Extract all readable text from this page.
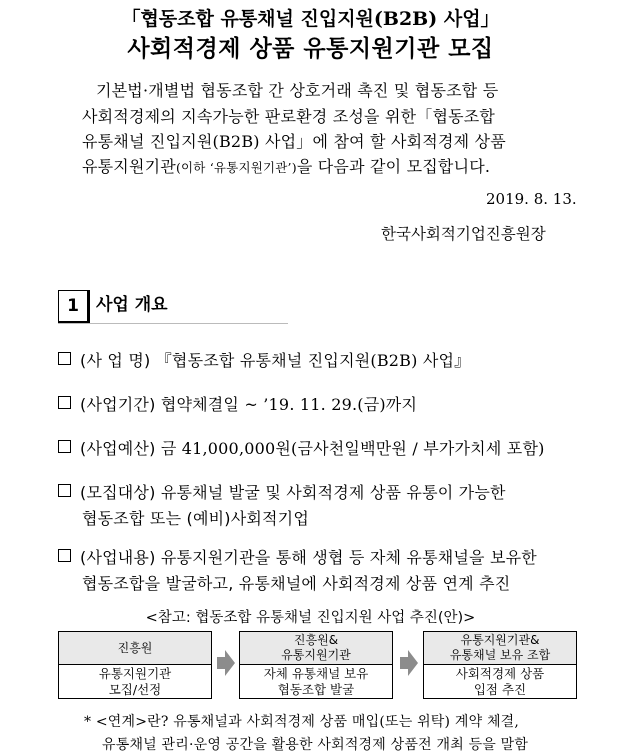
「협동조합 유통채널 진입지원(B2B) 사업」
사회적경제 상품 유통지원기관 모집
기본법·개별법 협동조합 간 상호거래 촉진 및 협동조합 등
사회적경제의 지속가능한 판로환경 조성을 위한「협동조합
유통채널 진입지원(B2B) 사업」에 참여 할 사회적경제 상품
유통지원기관(이하 ‘유통지원기관’)을 다음과 같이 모집합니다.
2019. 8. 13.
한국사회적기업진흥원장
1	사업 개요
(사 업 명) 『협동조합 유통채널 진입지원(B2B) 사업』
(사업기간) 협약체결일 ~ ’19. 11. 29.(금)까지
(사업예산) 금 41,000,000원(금사천일백만원 / 부가가치세 포함)
(모집대상) 유통채널 발굴 및 사회적경제 상품 유통이 가능한
협동조합 또는 (예비)사회적기업
(사업내용) 유통지원기관을 통해 생협 등 자체 유통채널을 보유한
협동조합을 발굴하고, 유통채널에 사회적경제 상품 연계 추진
<참고: 협동조합 유통채널 진입지원 사업 추진(안)>
진흥원
유통지원기관
모집/선정
진흥원&
유통지원기관
자체 유통채널 보유
협동조합 발굴
유통지원기관&
유통채널 보유 조합
사회적경제 상품
입점 추진
* <연계>란? 유통채널과 사회적경제 상품 매입(또는 위탁) 계약 체결,
유통채널 관리·운영 공간을 활용한 사회적경제 상품전 개최 등을 말함
